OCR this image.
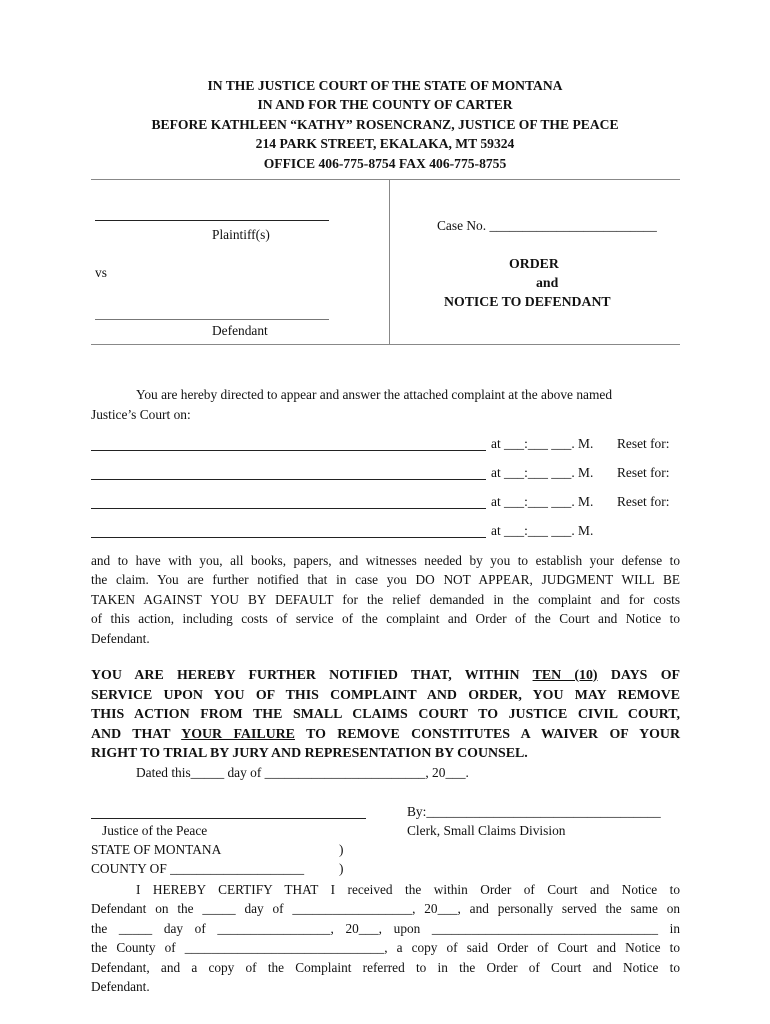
IN THE JUSTICE COURT OF THE STATE OF MONTANA
IN AND FOR THE COUNTY OF CARTER
BEFORE KATHLEEN “KATHY” ROSENCRANZ, JUSTICE OF THE PEACE
214 PARK STREET, EKALAKA, MT 59324
OFFICE 406-775-8754 FAX 406-775-8755
Plaintiff(s)
vs
Defendant
Case No. _________________________
ORDER
and
NOTICE TO DEFENDANT
You are hereby directed to appear and answer the attached complaint at the above named
Justice’s Court on:
at ___:___ ___. M. Reset for:
at ___:___ ___. M. Reset for:
at ___:___ ___. M. Reset for:
at ___:___ ___. M.
and to have with you, all books, papers, and witnesses needed by you to establish your defense to
the claim. You are further notified that in case you DO NOT APPEAR, JUDGMENT WILL BE
TAKEN AGAINST YOU BY DEFAULT for the relief demanded in the complaint and for costs
of this action, including costs of service of the complaint and Order of the Court and Notice to
Defendant.
YOU ARE HEREBY FURTHER NOTIFIED THAT, WITHIN TEN (10) DAYS OF
SERVICE UPON YOU OF THIS COMPLAINT AND ORDER, YOU MAY REMOVE
THIS ACTION FROM THE SMALL CLAIMS COURT TO JUSTICE CIVIL COURT,
AND THAT YOUR FAILURE TO REMOVE CONSTITUTES A WAIVER OF YOUR
RIGHT TO TRIAL BY JURY AND REPRESENTATION BY COUNSEL.
Dated this_____ day of ________________________, 20___.
Justice of the Peace
By:___________________________________
Clerk, Small Claims Division
STATE OF MONTANA	)
COUNTY OF ____________________	)
I HEREBY CERTIFY THAT I received the within Order of Court and Notice to
Defendant on the _____ day of __________________, 20___, and personally served the same on
the _____ day of _________________, 20___, upon __________________________________ in
the County of ______________________________, a copy of said Order of Court and Notice to
Defendant, and a copy of the Complaint referred to in the Order of Court and Notice to
Defendant.
